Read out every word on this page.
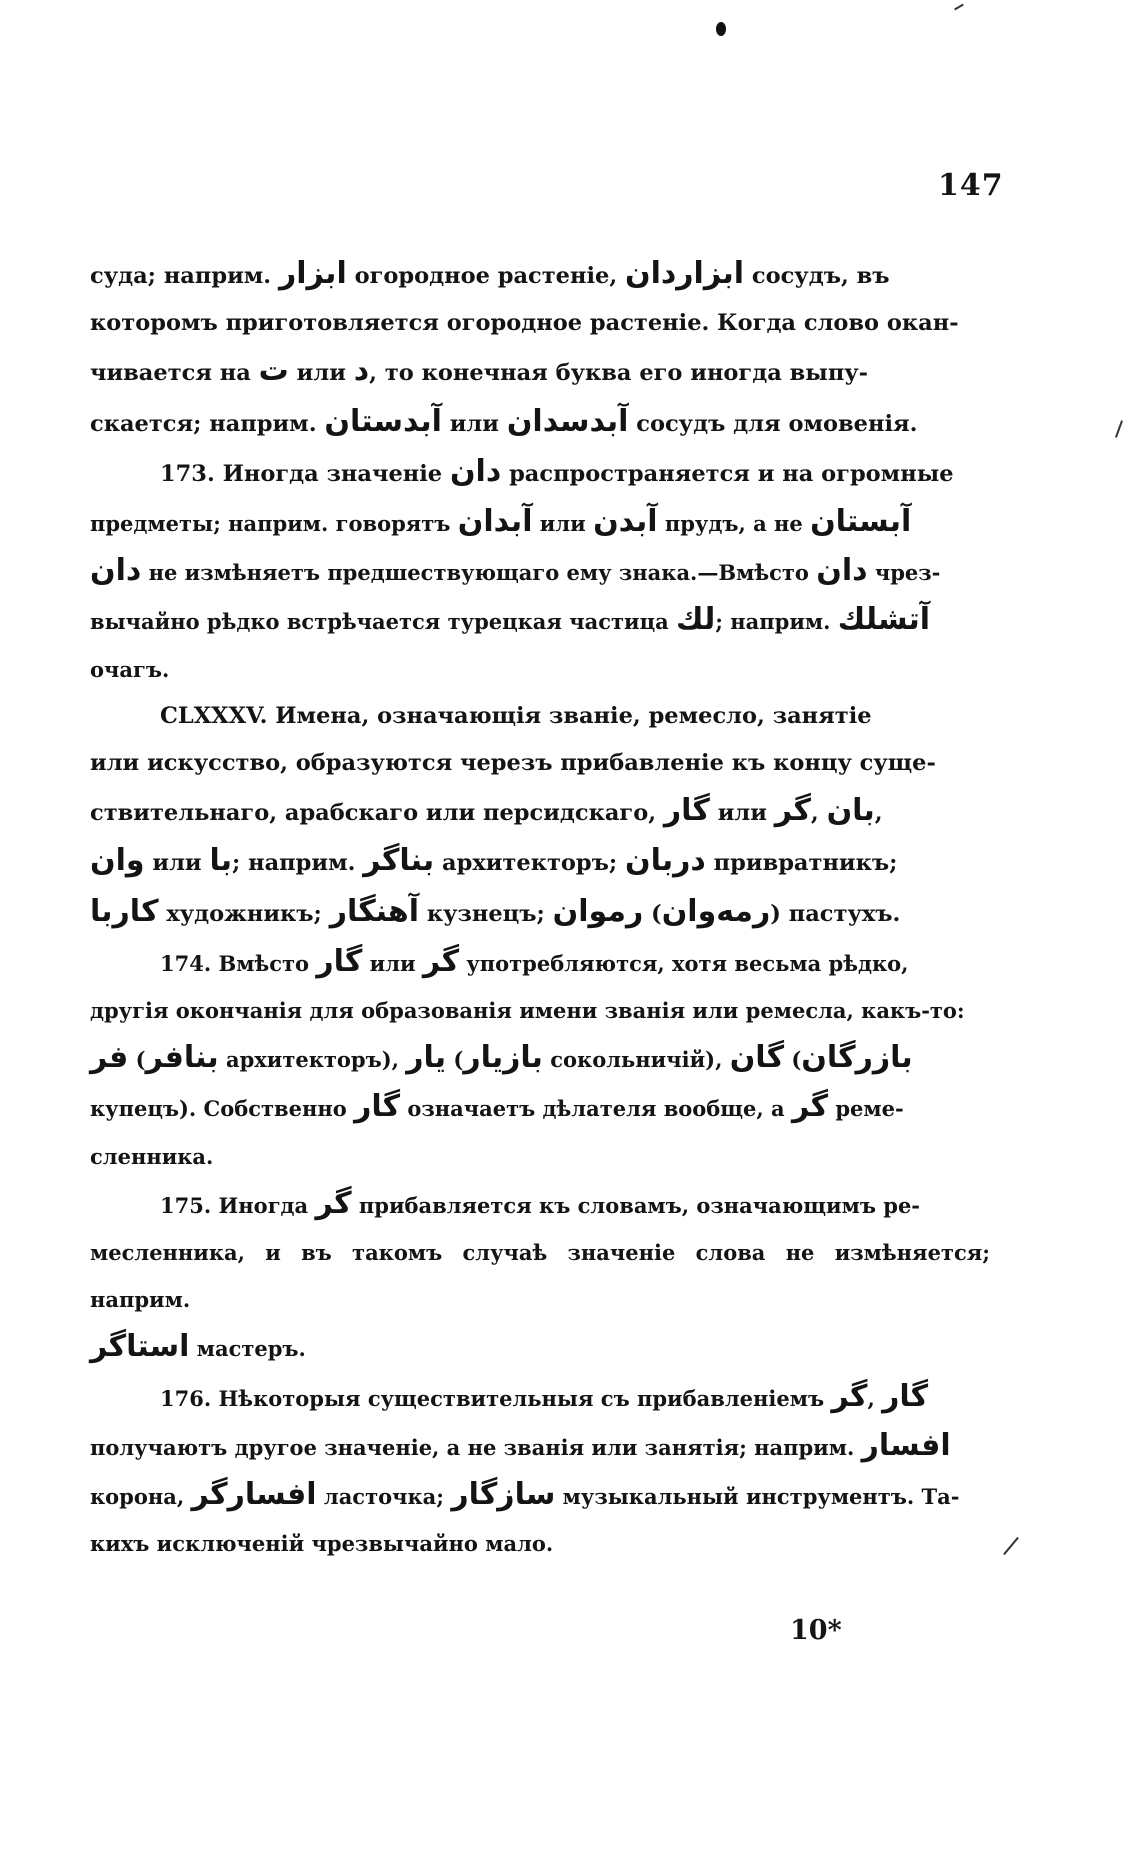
147

суда; наприм. ابزار огородное растенiе, ابزاردان сосудъ, въ

которомъ приготовляется огородное растенiе. Когда слово окан-

чивается на ت или د, то конечная буква его иногда выпу-

скается; наприм. آبدستان или آبدسدان сосудъ для омовенiя.

173. Иногда значенiе دان распространяется и на огромные

предметы; наприм. говорятъ آبدان или آبدن прудъ, а не آبستان

دان не измѣняетъ предшествующаго ему знака.—Вмѣсто دان чрез-

вычайно рѣдко встрѣчается турецкая частица لك; наприм. آتشلك

очагъ.

CLXXXV. Имена, означающiя званiе, ремесло, занятiе

или искусство, образуются черезъ прибавленiе къ концу суще-

ствительнаго, арабскаго или персидскаго, گار или گر, بان,

وان или با; наприм. بناگر архитекторъ; دربان привратникъ;

کاربا художникъ; آهنگار кузнецъ; رموان (رمه‌وان) пастухъ.

174. Вмѣсто گار или گر употребляются, хотя весьма рѣдко,

другiя окончанiя для образованiя имени званiя или ремесла, какъ-то:

فر (بنافر архитекторъ), یار (بازیار сокольничiй), گان (بازرگان

купецъ). Собственно گار означаетъ дѣлателя вообще, а گر реме-

сленника.

175. Иногда گر прибавляется къ словамъ, означающимъ ре-

месленника, и въ такомъ случаѣ значенiе слова не измѣняется; наприм.

استاگر мастеръ.

176. Нѣкоторыя существительныя съ прибавленiемъ گر, گار

получаютъ другое значенiе, а не званiя или занятiя; наприм. افسار

корона, افسارگر ласточка; سازگار музыкальный инструментъ. Та-

кихъ исключенiй чрезвычайно мало.

10*
